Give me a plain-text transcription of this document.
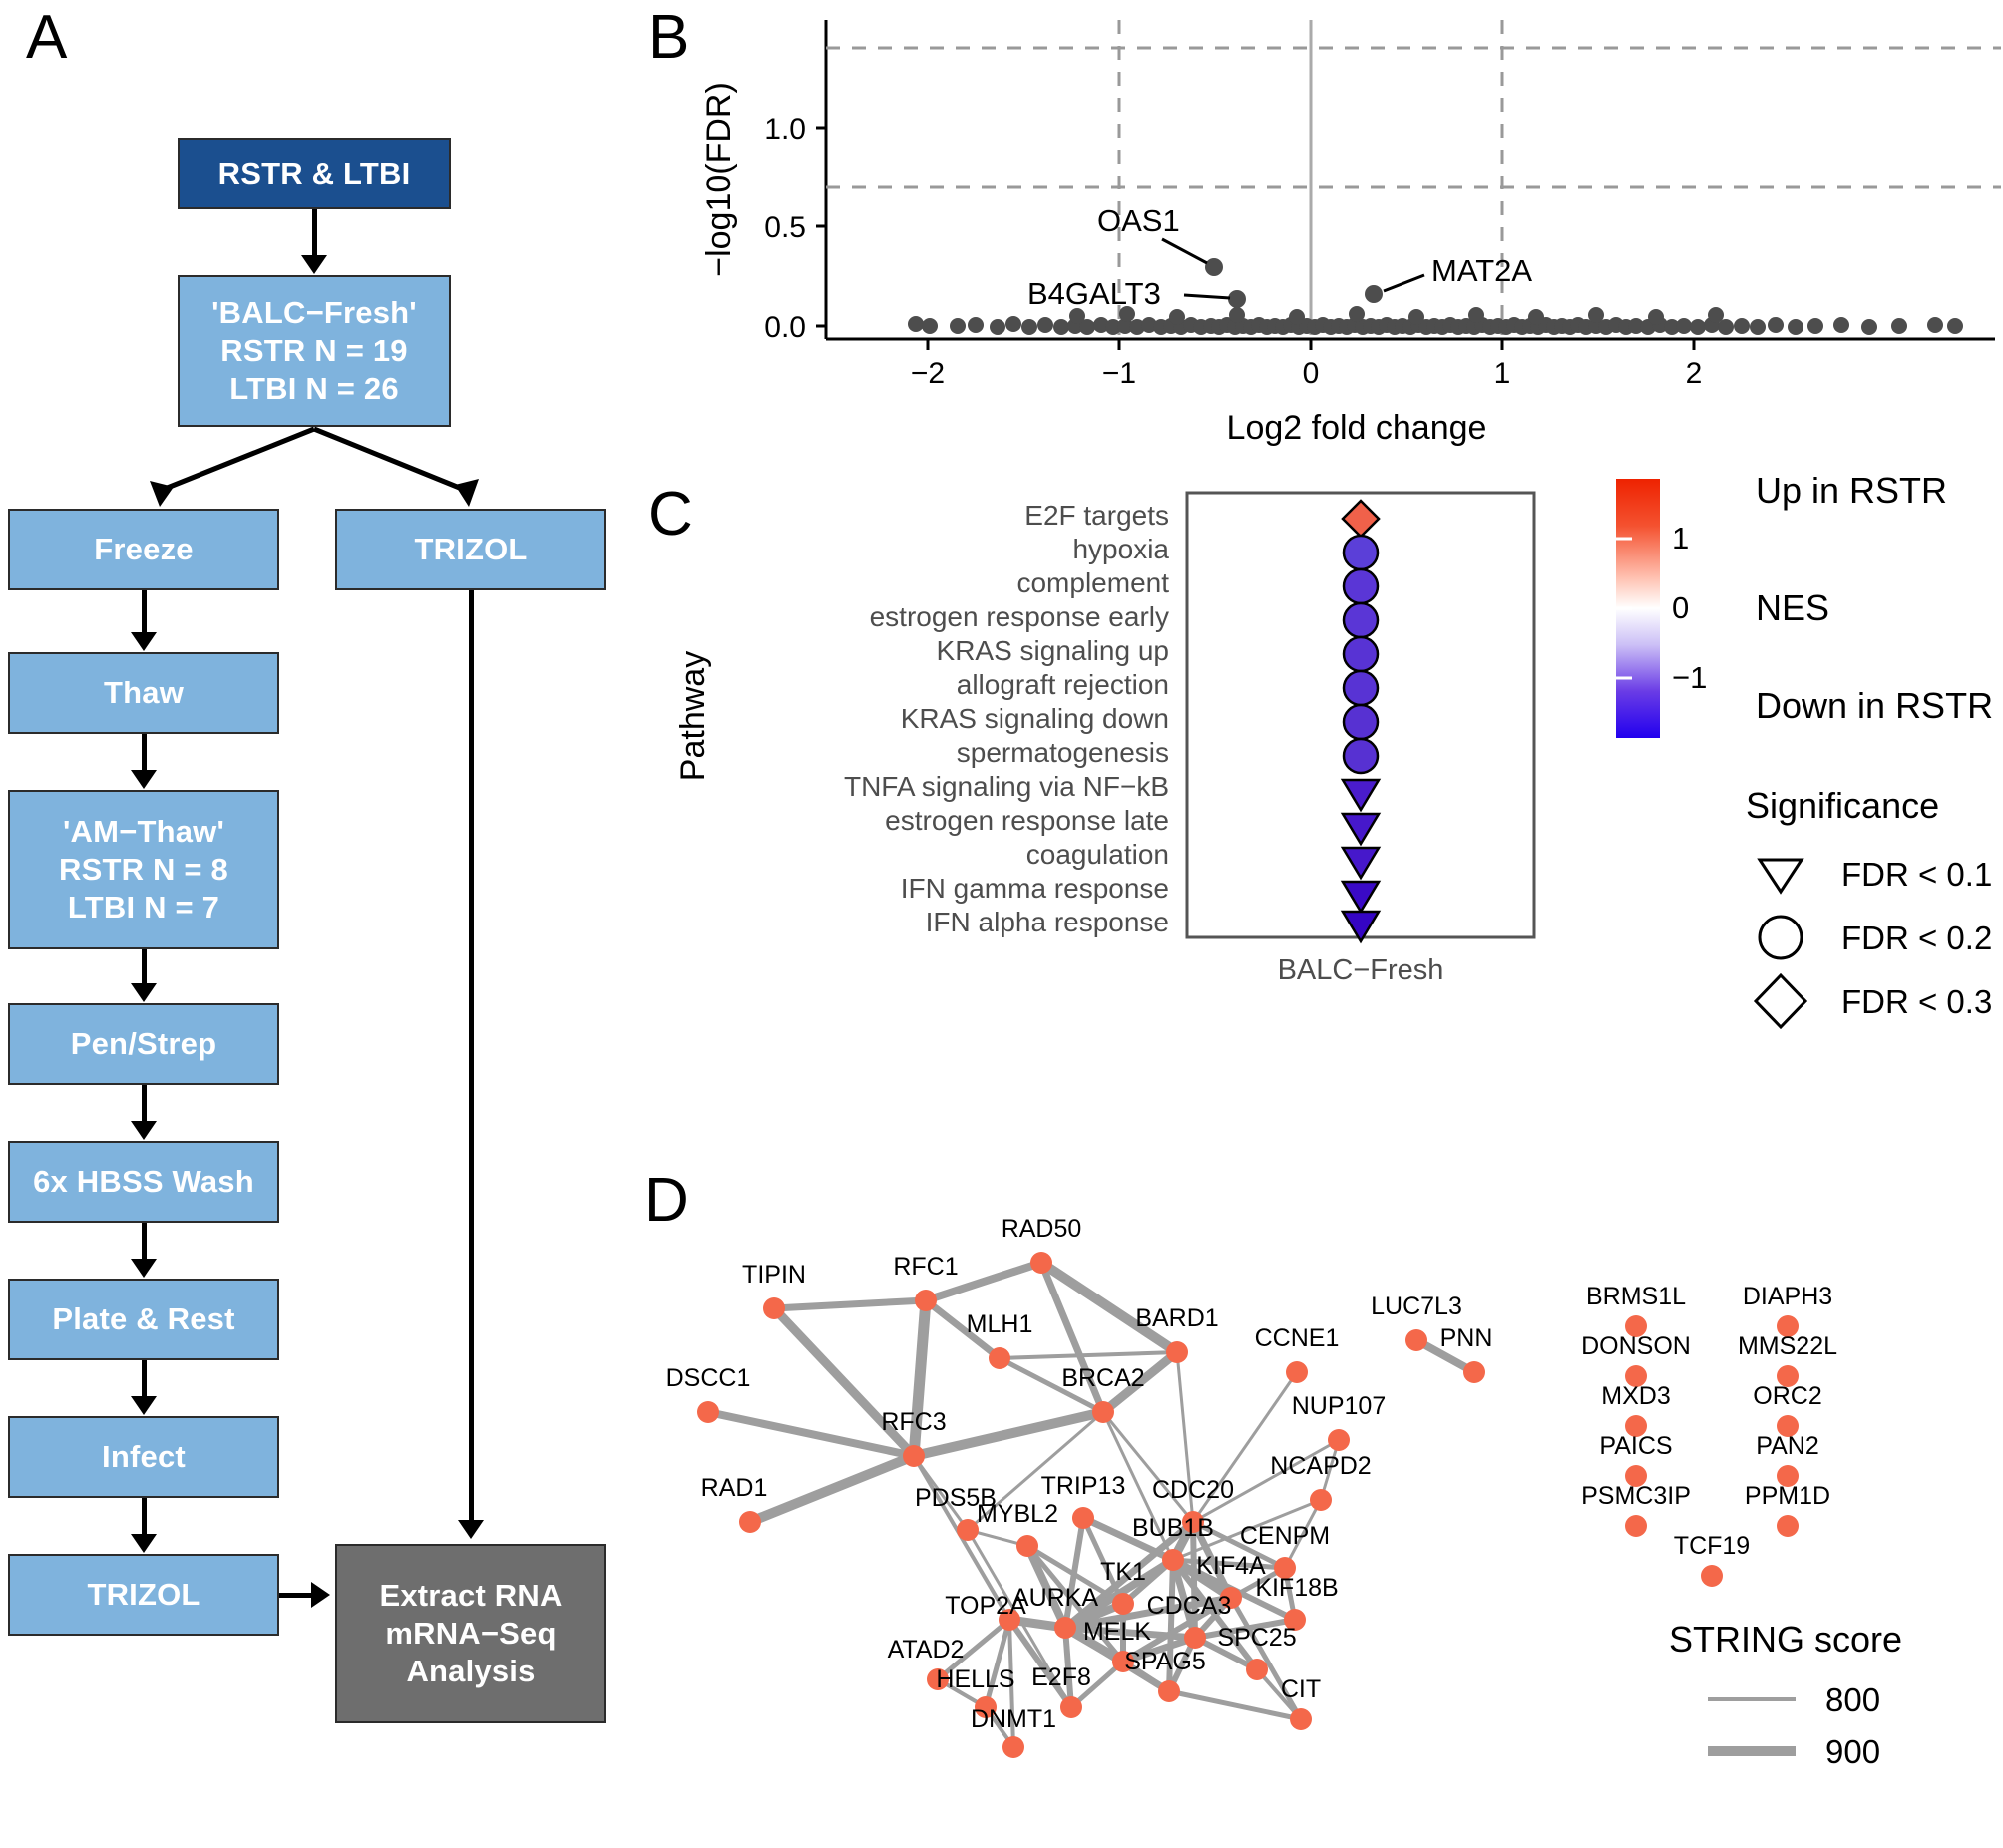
A
RSTR & LTBI
'BALC−Fresh'
RSTR N = 19
LTBI N = 26
Freeze	TRIZOL
Thaw
'AM−Thaw'
RSTR N = 8
LTBI N = 7
Pen/Strep
6x HBSS Wash
Plate & Rest
Infect
TRIZOL	Extract RNA
mRNA−Seq
Analysis
B
0.0
0.5
1.0
−2	−1	0	1	2
OAS1
B4GALT3
MAT2A
−log10(FDR)
Log2 fold change
C	E2F targets
hypoxia
complement
estrogen response early
KRAS signaling up
allograft rejection
KRAS signaling down
spermatogenesis
TNFA signaling via NF−kB
estrogen response late
coagulation
IFN gamma response
IFN alpha response
BALC−Fresh
Pathway
1
0
−1
Up in RSTR
NES
Down in RSTR
Significance
FDR < 0.1
FDR < 0.2
FDR < 0.3
D
TIPIN	RFC1
RAD50
MLH1	BARD1
CCNE1
LUC7L3
PNN
DSCC1	BRCA2
RFC3
NUP107
NCAPD2
RAD1	PDS5B TRIP13 CDC20
MYBL2	BUB1B CENPM
KIF4A
TK1
AURKA
TOP2A
KIF18B
CDCA3
MELK	SPC25
SPAG5
ATAD2
HELLS E2F8	CIT
DNMT1
BRMS1L DIAPH3
DONSON MMS22L
MXD3	ORC2
PAICS	PAN2
PSMC3IP PPM1D
TCF19
STRING score
800
900
